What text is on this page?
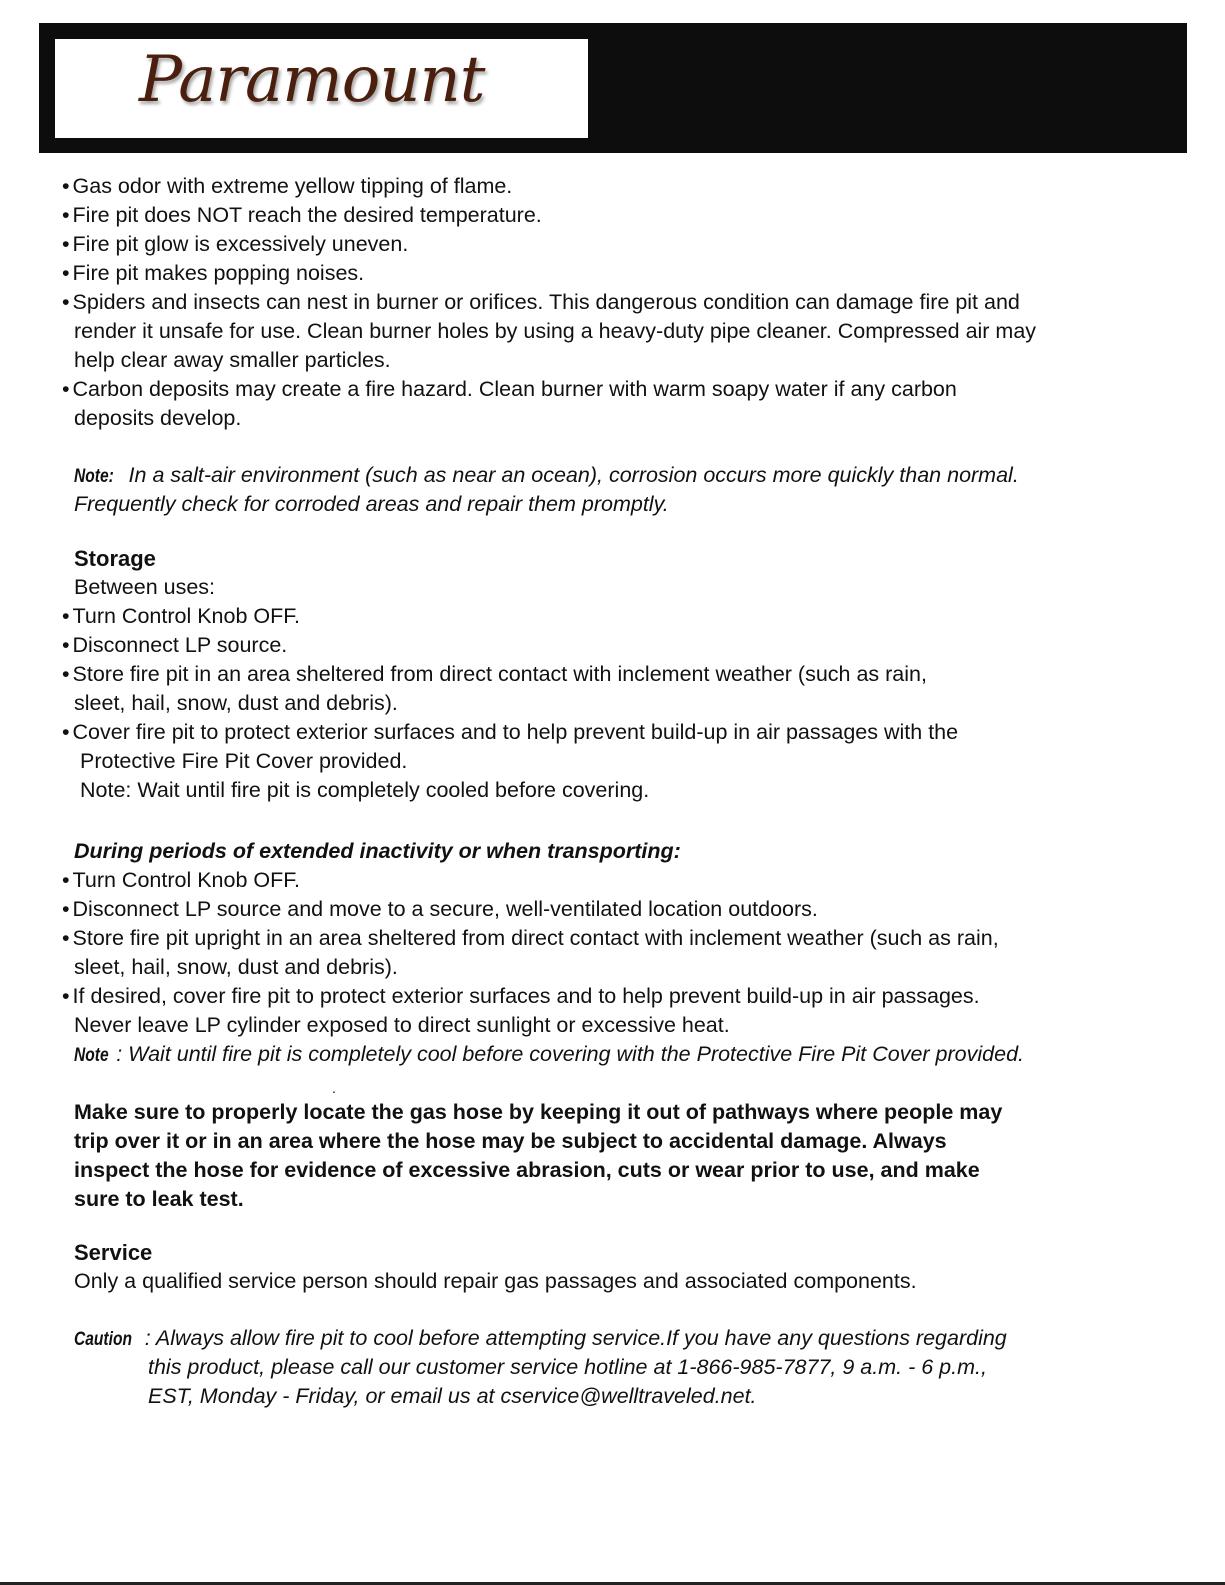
Paramount
• Gas odor with extreme yellow tipping of flame.
• Fire pit does NOT reach the desired temperature.
• Fire pit glow is excessively uneven.
• Fire pit makes popping noises.
• Spiders and insects can nest in burner or orifices. This dangerous condition can damage fire pit and
render it unsafe for use. Clean burner holes by using a heavy-duty pipe cleaner. Compressed air may
help clear away smaller particles.
• Carbon deposits may create a fire hazard. Clean burner with warm soapy water if any carbon
deposits develop.
Note: In a salt-air environment (such as near an ocean), corrosion occurs more quickly than normal.
Frequently check for corroded areas and repair them promptly.
Storage
Between uses:
• Turn Control Knob OFF.
• Disconnect LP source.
• Store fire pit in an area sheltered from direct contact with inclement weather (such as rain,
sleet, hail, snow, dust and debris).
• Cover fire pit to protect exterior surfaces and to help prevent build-up in air passages with the
Protective Fire Pit Cover provided.
Note: Wait until fire pit is completely cooled before covering.
During periods of extended inactivity or when transporting:
• Turn Control Knob OFF.
• Disconnect LP source and move to a secure, well-ventilated location outdoors.
• Store fire pit upright in an area sheltered from direct contact with inclement weather (such as rain,
sleet, hail, snow, dust and debris).
• If desired, cover fire pit to protect exterior surfaces and to help prevent build-up in air passages.
Never leave LP cylinder exposed to direct sunlight or excessive heat.
Note : Wait until fire pit is completely cool before covering with the Protective Fire Pit Cover provided.
.
Make sure to properly locate the gas hose by keeping it out of pathways where people may
trip over it or in an area where the hose may be subject to accidental damage. Always
inspect the hose for evidence of excessive abrasion, cuts or wear prior to use, and make
sure to leak test.
Service
Only a qualified service person should repair gas passages and associated components.
Caution : Always allow fire pit to cool before attempting service.If you have any questions regarding
this product, please call our customer service hotline at 1-866-985-7877, 9 a.m. - 6 p.m.,
EST, Monday - Friday, or email us at cservice@welltraveled.net.
